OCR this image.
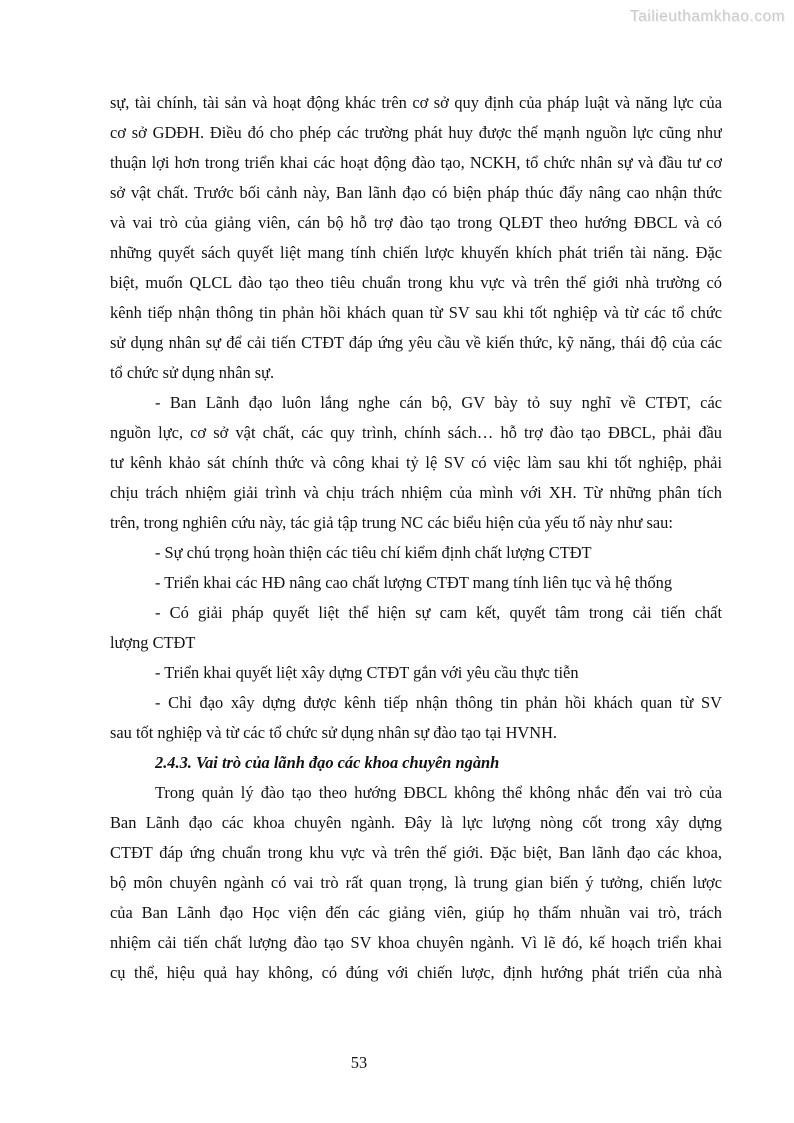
Tailieuthamkhao.com
sự, tài chính, tài sản và hoạt động khác trên cơ sở quy định của pháp luật và năng lực của
cơ sở GDĐH. Điều đó cho phép các trường phát huy được thế mạnh nguồn lực cũng như
thuận lợi hơn trong triển khai các hoạt động đào tạo, NCKH, tổ chức nhân sự và đầu tư cơ
sở vật chất. Trước bối cảnh này, Ban lãnh đạo có biện pháp thúc đẩy nâng cao nhận thức
và vai trò của giảng viên, cán bộ hỗ trợ đào tạo trong QLĐT theo hướng ĐBCL và có
những quyết sách quyết liệt mang tính chiến lược khuyến khích phát triển tài năng. Đặc
biệt, muốn QLCL đào tạo theo tiêu chuẩn trong khu vực và trên thế giới nhà trường có
kênh tiếp nhận thông tin phản hồi khách quan từ SV sau khi tốt nghiệp và từ các tổ chức
sử dụng nhân sự để cải tiến CTĐT đáp ứng yêu cầu về kiến thức, kỹ năng, thái độ của các
tổ chức sử dụng nhân sự.
- Ban Lãnh đạo luôn lắng nghe cán bộ, GV bày tỏ suy nghĩ về CTĐT, các
nguồn lực, cơ sở vật chất, các quy trình, chính sách… hỗ trợ đào tạo ĐBCL, phải đầu
tư kênh khảo sát chính thức và công khai tỷ lệ SV có việc làm sau khi tốt nghiệp, phải
chịu trách nhiệm giải trình và chịu trách nhiệm của mình với XH. Từ những phân tích
trên, trong nghiên cứu này, tác giả tập trung NC các biểu hiện của yếu tố này như sau:
- Sự chú trọng hoàn thiện các tiêu chí kiểm định chất lượng CTĐT
- Triển khai các HĐ nâng cao chất lượng CTĐT mang tính liên tục và hệ thống
- Có giải pháp quyết liệt thể hiện sự cam kết, quyết tâm trong cải tiến chất
lượng CTĐT
- Triển khai quyết liệt xây dựng CTĐT gắn với yêu cầu thực tiễn
- Chỉ đạo xây dựng được kênh tiếp nhận thông tin phản hồi khách quan từ SV
sau tốt nghiệp và từ các tổ chức sử dụng nhân sự đào tạo tại HVNH.
2.4.3. Vai trò của lãnh đạo các khoa chuyên ngành
Trong quản lý đào tạo theo hướng ĐBCL không thể không nhắc đến vai trò của
Ban Lãnh đạo các khoa chuyên ngành. Đây là lực lượng nòng cốt trong xây dựng
CTĐT đáp ứng chuẩn trong khu vực và trên thế giới. Đặc biệt, Ban lãnh đạo các khoa,
bộ môn chuyên ngành có vai trò rất quan trọng, là trung gian biến ý tưởng, chiến lược
của Ban Lãnh đạo Học viện đến các giảng viên, giúp họ thấm nhuần vai trò, trách
nhiệm cải tiến chất lượng đào tạo SV khoa chuyên ngành. Vì lẽ đó, kế hoạch triển khai
cụ thể, hiệu quả hay không, có đúng với chiến lược, định hướng phát triển của nhà
53
